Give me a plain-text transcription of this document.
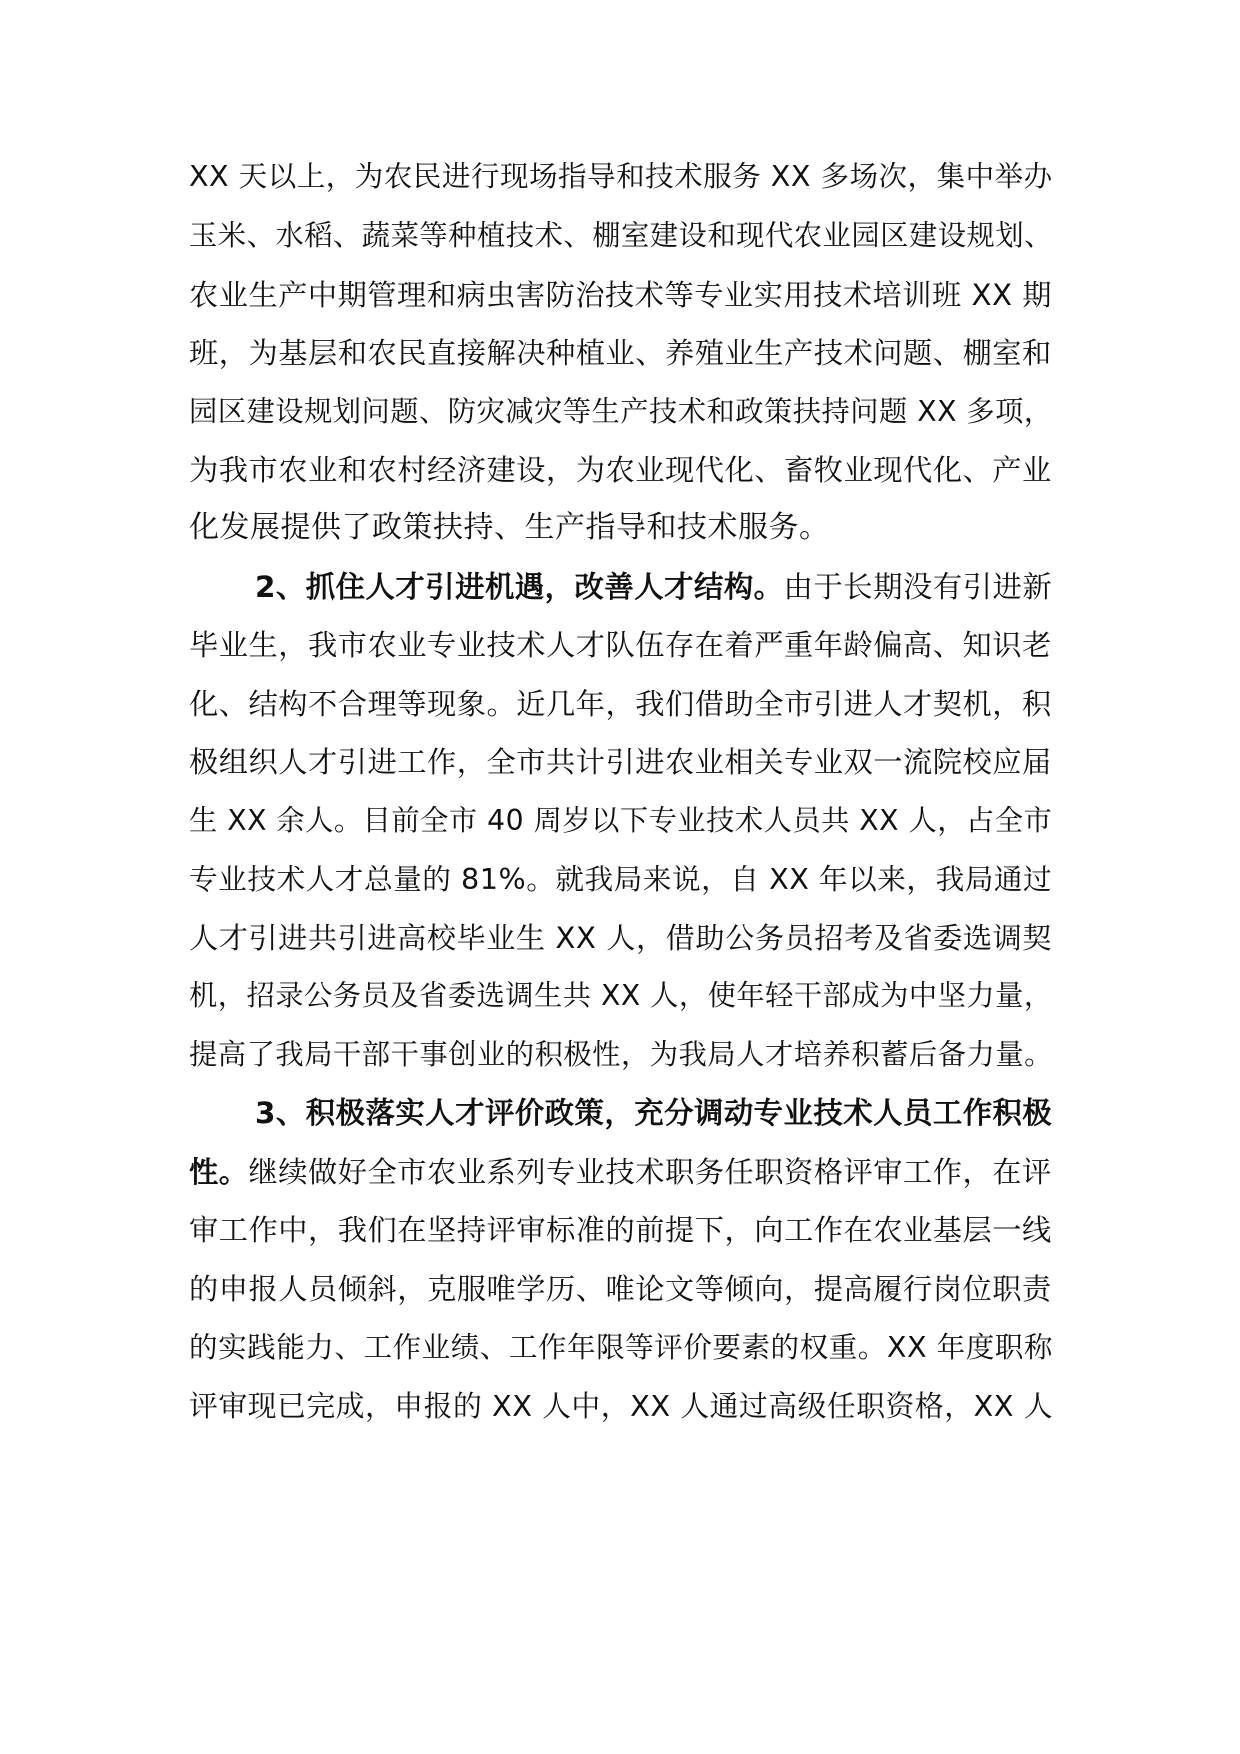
XX 天以上，为农民进行现场指导和技术服务 XX 多场次，集中举办
玉米、水稻、蔬菜等种植技术、棚室建设和现代农业园区建设规划、
农业生产中期管理和病虫害防治技术等专业实用技术培训班 XX 期
班，为基层和农民直接解决种植业、养殖业生产技术问题、棚室和
园区建设规划问题、防灾减灾等生产技术和政策扶持问题 XX 多项，
为我市农业和农村经济建设，为农业现代化、畜牧业现代化、产业
化发展提供了政策扶持、生产指导和技术服务。
2、抓住人才引进机遇，改善人才结构。由于长期没有引进新
毕业生，我市农业专业技术人才队伍存在着严重年龄偏高、知识老
化、结构不合理等现象。近几年，我们借助全市引进人才契机，积
极组织人才引进工作，全市共计引进农业相关专业双一流院校应届
生 XX 余人。目前全市 40 周岁以下专业技术人员共 XX 人，占全市
专业技术人才总量的 81%。就我局来说，自 XX 年以来，我局通过
人才引进共引进高校毕业生 XX 人，借助公务员招考及省委选调契
机，招录公务员及省委选调生共 XX 人，使年轻干部成为中坚力量，
提高了我局干部干事创业的积极性，为我局人才培养积蓄后备力量。
3、积极落实人才评价政策，充分调动专业技术人员工作积极
性。继续做好全市农业系列专业技术职务任职资格评审工作，在评
审工作中，我们在坚持评审标准的前提下，向工作在农业基层一线
的申报人员倾斜，克服唯学历、唯论文等倾向，提高履行岗位职责
的实践能力、工作业绩、工作年限等评价要素的权重。XX 年度职称
评审现已完成，申报的 XX 人中，XX 人通过高级任职资格，XX 人
